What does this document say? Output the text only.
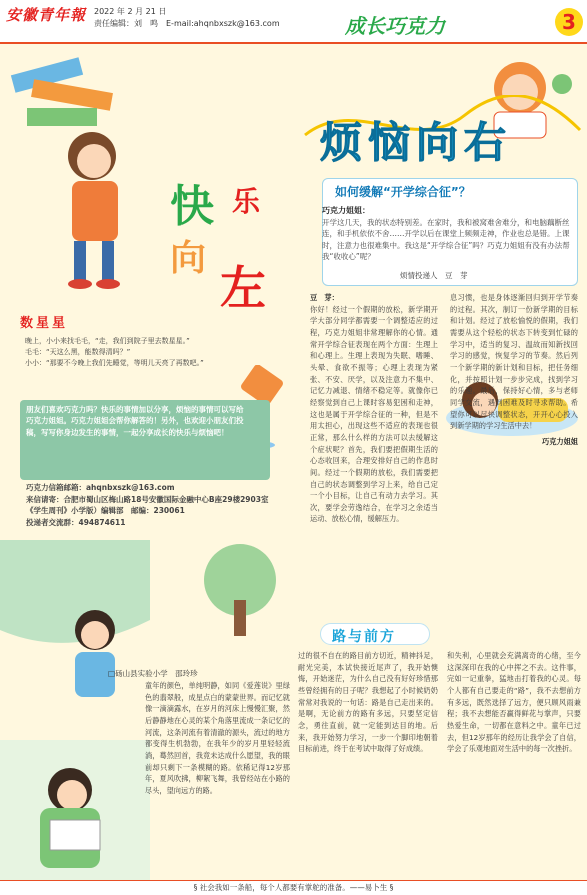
安徽青年報 2022 年 2 月 21 日
责任编辑：刘　鸣　E-mail:ahqnbxszk@163.com	成长巧克力	3
烦恼向右
快 乐
向
左
如何缓解“开学综合征”？
巧克力姐姐：
开学这几天，我的状态特别差。在家时，我和被窝难舍难分，和电脑藕断丝连，和手机依依不舍……开学以后在课堂上频频走神，作业也总是错。上课时，注意力也很难集中。我这是“开学综合征”吗？巧克力姐姐有没有办法帮我“收收心”呢？
烦情投递人　豆　芽
数星星
晚上，小小来找毛毛，“走，我们到院子里去数星星。”
毛毛：“天这么黑，能数得清吗？”
小小：“那要不今晚上我们先睡觉，等明儿天亮了再数吧。”
朋友们喜欢巧克力吗？快乐的事情加以分享，烦恼的事情可以写给巧克力姐姐。巧克力姐姐会帮你解答的！另外，也欢迎小朋友们投稿，写写你身边发生的事情，一起分享成长的快乐与烦恼吧！
巧克力信箱邮箱：ahqnbxszk@163.com
来信请寄：合肥市蜀山区梅山路18号安徽国际金融中心B座29楼2903室《学生周刊》小学版）编辑部　邮编：230061
投递者交流群：494874611
豆　芽：
你好！经过一个假期的放松，新学期开学大部分同学都需要一个调整适应的过程，巧克力姐姐非常理解你的心情。通常开学综合征表现在两个方面：生理上和心理上。生理上表现为失眠、嗜睡、头晕、食欲不振等；心理上表现为紧张、不安、厌学，以及注意力不集中、记忆力减退、情绪不稳定等。就像你已经察觉到自己上课时容易犯困和走神，这也是属于开学综合征的一种，但是不用太担心，出现这些不适应的表现也很正常，那么什么样的方法可以去缓解这个症状呢？首先，我们要把假期生活的心态收回来，合理安排好自己的作息时间。经过一个假期的放松，我们需要把自己的状态调整到学习上来，给自己定一个小目标，让自己有动力去学习。其次，要学会劳逸结合，在学习之余适当运动、放松心情，缓解压力。
息习惯，也是身体逐渐回归到开学节奏的过程。其次，制订一份新学期的目标和计划。经过了放松愉悦的假期，我们需要从这个轻松的状态下转变到忙碌的学习中，适当的复习、温故而知新找回学习的感觉，恢复学习的节奏。然后列一个新学期的新计划和目标，把任务细化，并按照计划一步步完成，找到学习的乐趣。最后，保持好心情，多与老师同学交流，遇到困难及时寻求帮助。希望你可以尽快调整状态，开开心心投入到新学期的学习生活中去！
巧克力姐姐
路与前方
□砀山县实验小学　邵玲珍
童年的颜色，单纯明静，如同《爱莲说》里绿色的翡翠般，成星点白的蒙蒙世界。而记忆就像一滴滴露水，在岁月的河床上慢慢汇聚，然后静静地在心灵的某个角落里流成一条记忆的河流，这条河流有着清澈的源头，流过的地方都变得生机勃勃，在我年少的岁月里轻轻流淌，蓦然回首，我竟未达成什么愿望，我的眼前却只剩下一条模糊的路。依稀记得12岁那年，夏风吹拂，柳絮飞舞，我曾经站在小路的尽头，望向远方的路。
过的很不自在的路目前方切近，精神抖足，耐光完美，本试快接近尾声了，我开始懊悔，开始迷茫，为什么自己没有好好珍惜那些曾经拥有的日子呢？我想起了小时候奶奶常常对我说的一句话：路是自己走出来的。是啊，无论前方的路有多远，只要坚定信念，勇往直前，就一定能到达目的地。后来，我开始努力学习，一步一个脚印地朝着目标前进，终于在考试中取得了好成绩。
和失利，心里就会充满离奇的心绪，至今这深深印在我的心中挥之不去。这件事，完如一记重拳，猛地击打着我的心灵。每个人都有自己要走的“路”，我不去想前方有多远，既然选择了远方，便只顾风雨兼程；我不去想能否赢得鲜花与掌声，只要热爱生命，一切都在意料之中。童年已过去，但12岁那年的经历让我学会了自信，学会了乐观地面对生活中的每一次挫折。
§ 社会我如一条船，每个人都要有掌舵的准备。——易卜生 §
